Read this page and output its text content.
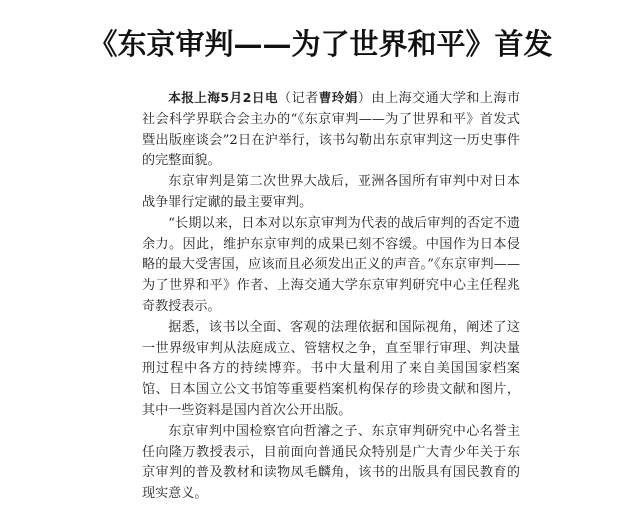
《东京审判——为了世界和平》首发

本报上海5月2日电（记者曹玲娟）由上海交通大学和上海市社会科学界联合会主办的“《东京审判——为了世界和平》首发式暨出版座谈会”2日在沪举行，该书勾勒出东京审判这一历史事件的完整面貌。

东京审判是第二次世界大战后，亚洲各国所有审判中对日本战争罪行定谳的最主要审判。

“长期以来，日本对以东京审判为代表的战后审判的否定不遗余力。因此，维护东京审判的成果已刻不容缓。中国作为日本侵略的最大受害国，应该而且必须发出正义的声音。”《东京审判——为了世界和平》作者、上海交通大学东京审判研究中心主任程兆奇教授表示。

据悉，该书以全面、客观的法理依据和国际视角，阐述了这一世界级审判从法庭成立、管辖权之争，直至罪行审理、判决量刑过程中各方的持续博弈。书中大量利用了来自美国国家档案馆、日本国立公文书馆等重要档案机构保存的珍贵文献和图片，其中一些资料是国内首次公开出版。

东京审判中国检察官向哲濬之子、东京审判研究中心名誉主任向隆万教授表示，目前面向普通民众特别是广大青少年关于东京审判的普及教材和读物凤毛麟角，该书的出版具有国民教育的现实意义。
